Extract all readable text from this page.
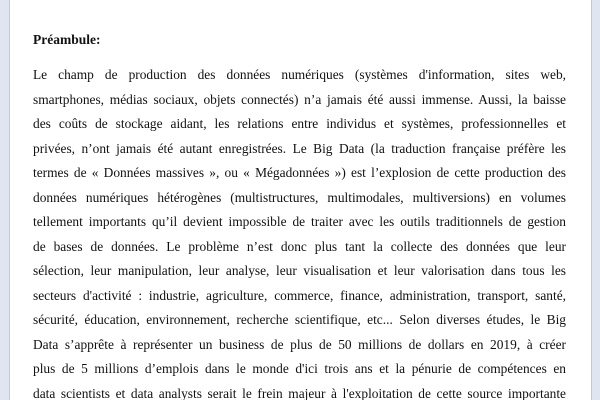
Préambule:
Le champ de production des données numériques (systèmes d'information, sites web,
smartphones, médias sociaux, objets connectés) n’a jamais été aussi immense. Aussi, la baisse
des coûts de stockage aidant, les relations entre individus et systèmes, professionnelles et
privées, n’ont jamais été autant enregistrées. Le Big Data (la traduction française préfère les
termes de « Données massives », ou « Mégadonnées ») est l’explosion de cette production des
données numériques hétérogènes (multistructures, multimodales, multiversions) en volumes
tellement importants qu’il devient impossible de traiter avec les outils traditionnels de gestion
de bases de données. Le problème n’est donc plus tant la collecte des données que leur
sélection, leur manipulation, leur analyse, leur visualisation et leur valorisation dans tous les
secteurs d'activité : industrie, agriculture, commerce, finance, administration, transport, santé,
sécurité, éducation, environnement, recherche scientifique, etc... Selon diverses études, le Big
Data s’apprête à représenter un business de plus de 50 millions de dollars en 2019, à créer
plus de 5 millions d’emplois dans le monde d'ici trois ans et la pénurie de compétences en
data scientists et data analysts serait le frein majeur à l'exploitation de cette source importante
